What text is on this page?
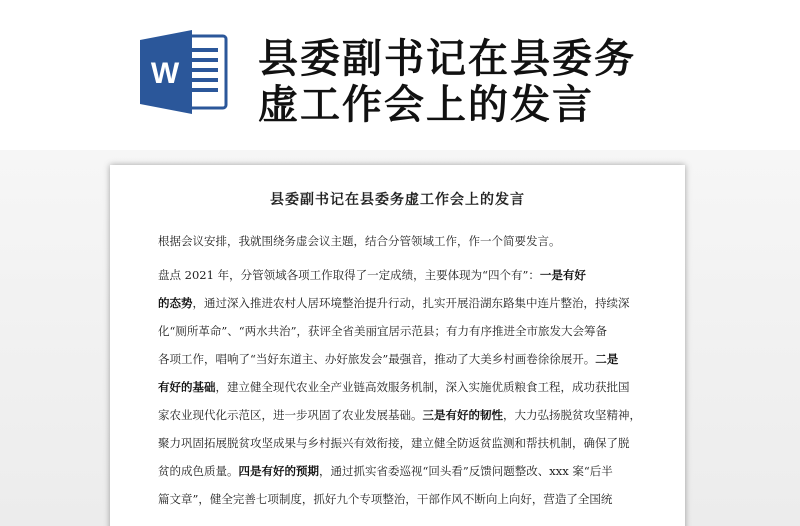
W 县委副书记在县委务
虚工作会上的发言
县委副书记在县委务虚工作会上的发言
根据会议安排，我就围绕务虚会议主题，结合分管领域工作，作一个简要发言。
盘点 2021 年，分管领域各项工作取得了一定成绩，主要体现为“四个有”：一是有好
的态势，通过深入推进农村人居环境整治提升行动，扎实开展沿湖东路集中连片整治，持续深
化“厕所革命”、“两水共治”，获评全省美丽宜居示范县；有力有序推进全市旅发大会筹备
各项工作，唱响了“当好东道主、办好旅发会”最强音，推动了大美乡村画卷徐徐展开。二是
有好的基础，建立健全现代农业全产业链高效服务机制，深入实施优质粮食工程，成功获批国
家农业现代化示范区，进一步巩固了农业发展基础。三是有好的韧性，大力弘扬脱贫攻坚精神，
聚力巩固拓展脱贫攻坚成果与乡村振兴有效衔接，建立健全防返贫监测和帮扶机制，确保了脱
贫的成色质量。四是有好的预期，通过抓实省委巡视“回头看”反馈问题整改、xxx 案“后半
篇文章”，健全完善七项制度，抓好九个专项整治，干部作风不断向上向好，营造了全国统
